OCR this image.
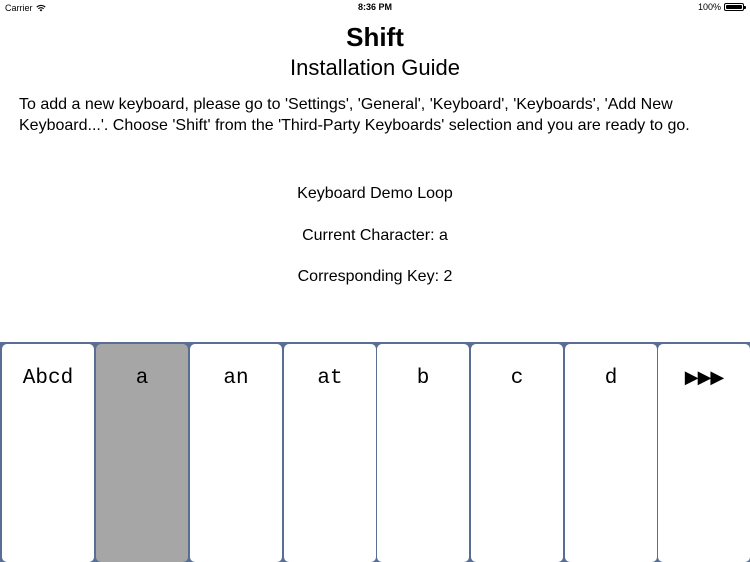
Carrier	8:36 PM	100%
Shift
Installation Guide
To add a new keyboard, please go to 'Settings', 'General', 'Keyboard', 'Keyboards', 'Add New Keyboard...'. Choose 'Shift' from the 'Third-Party Keyboards' selection and you are ready to go.
Keyboard Demo Loop
Current Character: a
Corresponding Key: 2
Abcd	a	an	at	b	c	d	▶▶▶
